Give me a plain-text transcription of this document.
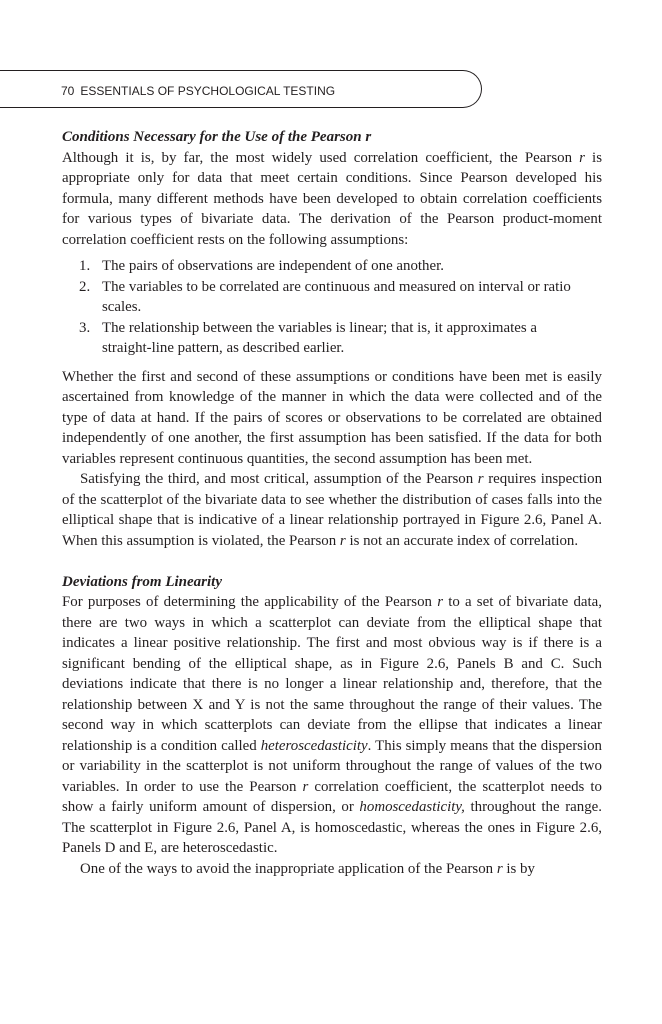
70 ESSENTIALS OF PSYCHOLOGICAL TESTING

Conditions Necessary for the Use of the Pearson r

Although it is, by far, the most widely used correlation coefficient, the Pearson r is appropriate only for data that meet certain conditions. Since Pearson developed his formula, many different methods have been developed to obtain correlation coefficients for various types of bivariate data. The derivation of the Pearson product-moment correlation coefficient rests on the following assumptions:

1. The pairs of observations are independent of one another.
2. The variables to be correlated are continuous and measured on interval or ratio scales.
3. The relationship between the variables is linear; that is, it approximates a straight-line pattern, as described earlier.

Whether the first and second of these assumptions or conditions have been met is easily ascertained from knowledge of the manner in which the data were collected and of the type of data at hand. If the pairs of scores or observations to be correlated are obtained independently of one another, the first assumption has been satisfied. If the data for both variables represent continuous quantities, the second assumption has been met.

Satisfying the third, and most critical, assumption of the Pearson r requires inspection of the scatterplot of the bivariate data to see whether the distribution of cases falls into the elliptical shape that is indicative of a linear relationship portrayed in Figure 2.6, Panel A. When this assumption is violated, the Pearson r is not an accurate index of correlation.

Deviations from Linearity

For purposes of determining the applicability of the Pearson r to a set of bivariate data, there are two ways in which a scatterplot can deviate from the elliptical shape that indicates a linear positive relationship. The first and most obvious way is if there is a significant bending of the elliptical shape, as in Figure 2.6, Panels B and C. Such deviations indicate that there is no longer a linear relationship and, therefore, that the relationship between X and Y is not the same throughout the range of their values. The second way in which scatterplots can deviate from the ellipse that indicates a linear relationship is a condition called heteroscedasticity. This simply means that the dispersion or variability in the scatterplot is not uniform throughout the range of values of the two variables. In order to use the Pearson r correlation coefficient, the scatterplot needs to show a fairly uniform amount of dispersion, or homoscedasticity, throughout the range. The scatterplot in Figure 2.6, Panel A, is homoscedastic, whereas the ones in Figure 2.6, Panels D and E, are heteroscedastic.

One of the ways to avoid the inappropriate application of the Pearson r is by
